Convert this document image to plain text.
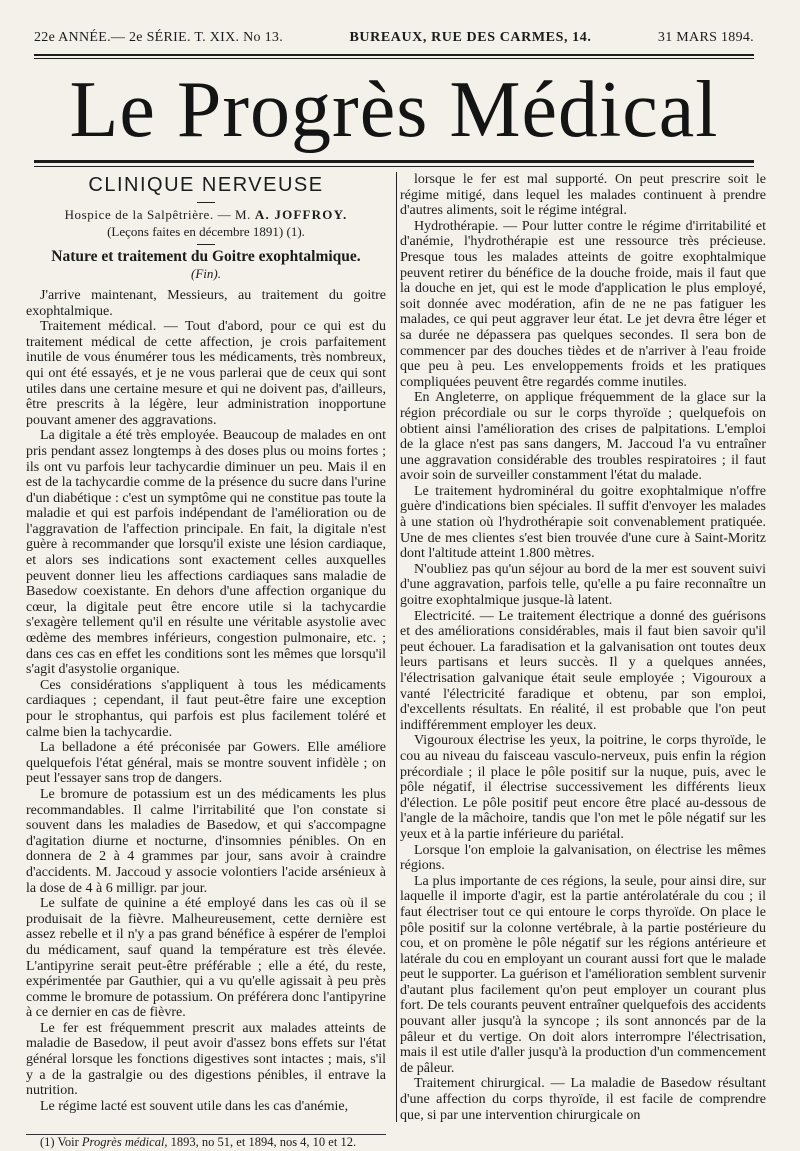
22e ANNÉE.— 2e SÉRIE. T. XIX. No 13.	BUREAUX, RUE DES CARMES, 14.	31 MARS 1894.
Le Progrès Médical
CLINIQUE NERVEUSE
Hospice de la Salpêtrière. — M. A. JOFFROY.
(Leçons faites en décembre 1891) (1).
Nature et traitement du Goitre exophtalmique.
(Fin).

J'arrive maintenant, Messieurs, au traitement du goitre exophtalmique.

Traitement médical. — Tout d'abord, pour ce qui est du traitement médical de cette affection, je crois parfaitement inutile de vous énumérer tous les médicaments, très nombreux, qui ont été essayés, et je ne vous parlerai que de ceux qui sont utiles dans une certaine mesure et qui ne doivent pas, d'ailleurs, être prescrits à la légère, leur administration inopportune pouvant amener des aggravations.

La digitale a été très employée. Beaucoup de malades en ont pris pendant assez longtemps à des doses plus ou moins fortes ; ils ont vu parfois leur tachycardie diminuer un peu. Mais il en est de la tachycardie comme de la présence du sucre dans l'urine d'un diabétique : c'est un symptôme qui ne constitue pas toute la maladie et qui est parfois indépendant de l'amélioration ou de l'aggravation de l'affection principale. En fait, la digitale n'est guère à recommander que lorsqu'il existe une lésion cardiaque, et alors ses indications sont exactement celles auxquelles peuvent donner lieu les affections cardiaques sans maladie de Basedow coexistante. En dehors d'une affection organique du cœur, la digitale peut être encore utile si la tachycardie s'exagère tellement qu'il en résulte une véritable asystolie avec œdème des membres inférieurs, congestion pulmonaire, etc. ; dans ces cas en effet les conditions sont les mêmes que lorsqu'il s'agit d'asystolie organique.

Ces considérations s'appliquent à tous les médicaments cardiaques ; cependant, il faut peut-être faire une exception pour le strophantus, qui parfois est plus facilement toléré et calme bien la tachycardie.

La belladone a été préconisée par Gowers. Elle améliore quelquefois l'état général, mais se montre souvent infidèle ; on peut l'essayer sans trop de dangers.

Le bromure de potassium est un des médicaments les plus recommandables. Il calme l'irritabilité que l'on constate si souvent dans les maladies de Basedow, et qui s'accompagne d'agitation diurne et nocturne, d'insomnies pénibles. On en donnera de 2 à 4 grammes par jour, sans avoir à craindre d'accidents. M. Jaccoud y associe volontiers l'acide arsénieux à la dose de 4 à 6 milligr. par jour.

Le sulfate de quinine a été employé dans les cas où il se produisait de la fièvre. Malheureusement, cette dernière est assez rebelle et il n'y a pas grand bénéfice à espérer de l'emploi du médicament, sauf quand la température est très élevée. L'antipyrine serait peut-être préférable ; elle a été, du reste, expérimentée par Gauthier, qui a vu qu'elle agissait à peu près comme le bromure de potassium. On préférera donc l'antipyrine à ce dernier en cas de fièvre.

Le fer est fréquemment prescrit aux malades atteints de maladie de Basedow, il peut avoir d'assez bons effets sur l'état général lorsque les fonctions digestives sont intactes ; mais, s'il y a de la gastralgie ou des digestions pénibles, il entrave la nutrition.

Le régime lacté est souvent utile dans les cas d'anémie,

(1) Voir Progrès médical, 1893, no 51, et 1894, nos 4, 10 et 12.

lorsque le fer est mal supporté. On peut prescrire soit le régime mitigé, dans lequel les malades continuent à prendre d'autres aliments, soit le régime intégral.

Hydrothérapie. — Pour lutter contre le régime d'irritabilité et d'anémie, l'hydrothérapie est une ressource très précieuse. Presque tous les malades atteints de goitre exophtalmique peuvent retirer du bénéfice de la douche froide, mais il faut que la douche en jet, qui est le mode d'application le plus employé, soit donnée avec modération, afin de ne ne pas fatiguer les malades, ce qui peut aggraver leur état. Le jet devra être léger et sa durée ne dépassera pas quelques secondes. Il sera bon de commencer par des douches tièdes et de n'arriver à l'eau froide que peu à peu. Les enveloppements froids et les pratiques compliquées peuvent être regardés comme inutiles.

En Angleterre, on applique fréquemment de la glace sur la région précordiale ou sur le corps thyroïde ; quelquefois on obtient ainsi l'amélioration des crises de palpitations. L'emploi de la glace n'est pas sans dangers, M. Jaccoud l'a vu entraîner une aggravation considérable des troubles respiratoires ; il faut avoir soin de surveiller constamment l'état du malade.

Le traitement hydrominéral du goitre exophtalmique n'offre guère d'indications bien spéciales. Il suffit d'envoyer les malades à une station où l'hydrothérapie soit convenablement pratiquée. Une de mes clientes s'est bien trouvée d'une cure à Saint-Moritz dont l'altitude atteint 1.800 mètres.

N'oubliez pas qu'un séjour au bord de la mer est souvent suivi d'une aggravation, parfois telle, qu'elle a pu faire reconnaître un goitre exophtalmique jusque-là latent.

Electricité. — Le traitement électrique a donné des guérisons et des améliorations considérables, mais il faut bien savoir qu'il peut échouer. La faradisation et la galvanisation ont toutes deux leurs partisans et leurs succès. Il y a quelques années, l'électrisation galvanique était seule employée ; Vigouroux a vanté l'électricité faradique et obtenu, par son emploi, d'excellents résultats. En réalité, il est probable que l'on peut indifféremment employer les deux.

Vigouroux électrise les yeux, la poitrine, le corps thyroïde, le cou au niveau du faisceau vasculo-nerveux, puis enfin la région précordiale ; il place le pôle positif sur la nuque, puis, avec le pôle négatif, il électrise successivement les différents lieux d'élection. Le pôle positif peut encore être placé au-dessous de l'angle de la mâchoire, tandis que l'on met le pôle négatif sur les yeux et à la partie inférieure du pariétal.

Lorsque l'on emploie la galvanisation, on électrise les mêmes régions.

La plus importante de ces régions, la seule, pour ainsi dire, sur laquelle il importe d'agir, est la partie antérolatérale du cou ; il faut électriser tout ce qui entoure le corps thyroïde. On place le pôle positif sur la colonne vertébrale, à la partie postérieure du cou, et on promène le pôle négatif sur les régions antérieure et latérale du cou en employant un courant aussi fort que le malade peut le supporter. La guérison et l'amélioration semblent survenir d'autant plus facilement qu'on peut employer un courant plus fort. De tels courants peuvent entraîner quelquefois des accidents pouvant aller jusqu'à la syncope ; ils sont annoncés par de la pâleur et du vertige. On doit alors interrompre l'électrisation, mais il est utile d'aller jusqu'à la production d'un commencement de pâleur.

Traitement chirurgical. — La maladie de Basedow résultant d'une affection du corps thyroïde, il est facile de comprendre que, si par une intervention chirurgicale on
